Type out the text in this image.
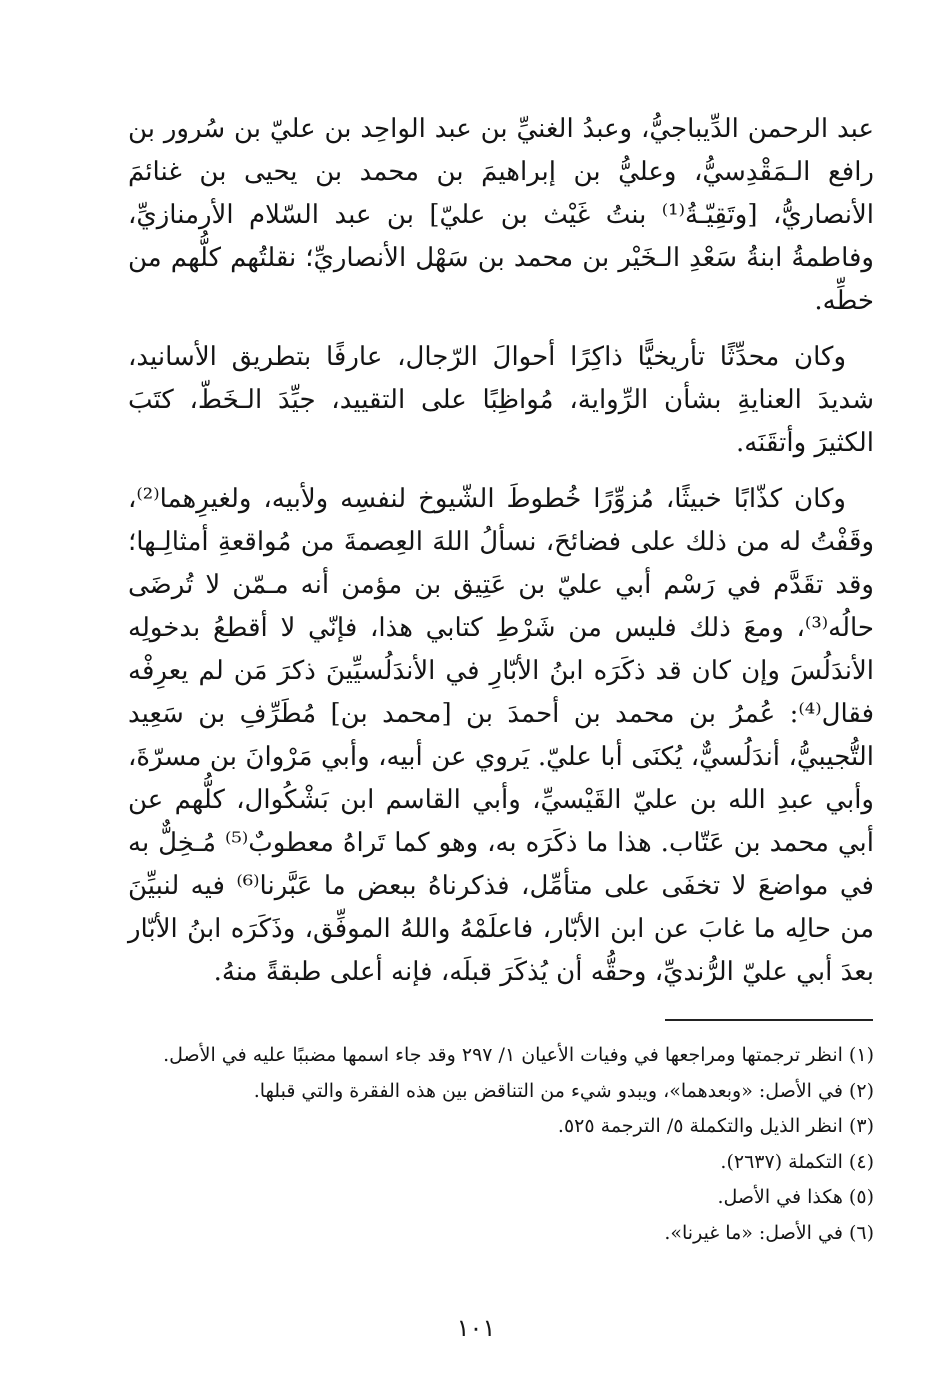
عبد الرحمن الدِّيباجيُّ، وعبدُ الغنيِّ بن عبد الواحِد بن عليّ بن سُرور بن رافع الـمَقْدِسيُّ، وعليُّ بن إبراهيمَ بن محمد بن يحيى بن غنائمَ الأنصاريُّ، [وتَقِيّـةُ⁽¹⁾ بنتُ غَيْث بن عليّ] بن عبد السّلام الأرمنازيِّ، وفاطمةُ ابنةُ سَعْدِ الـخَيْر بن محمد بن سَهْل الأنصاريِّ؛ نقلتُهم كلُّهم من خطِّه.

وكان محدِّثًا تأريخيًّا ذاكِرًا أحوالَ الرّجال، عارفًا بتطريق الأسانيد، شديدَ العنايةِ بشأن الرِّواية، مُواظِبًا على التقييد، جيِّدَ الـخَطّ، كتَبَ الكثيرَ وأتقَنَه.

وكان كذّابًا خبيثًا، مُزوِّرًا خُطوطَ الشّيوخ لنفسِه ولأبيه، ولغيرِهما⁽²⁾، وقَفْتُ له من ذلك على فضائحَ، نسألُ اللهَ العِصمةَ من مُواقعةِ أمثالِـها؛ وقد تقَدَّم في رَسْم أبي عليّ بن عَتِيق بن مؤمن أنه مـمّن لا تُرضَى حالُه⁽³⁾، ومعَ ذلك فليس من شَرْطِ كتابي هذا، فإنّي لا أقطعُ بدخولِه الأندَلُسَ وإن كان قد ذكَرَه ابنُ الأبّارِ في الأندَلُسيِّينَ ذكرَ مَن لم يعرِفْه فقال⁽⁴⁾: عُمرُ بن محمد بن أحمدَ بن [محمد بن] مُطَرِّفِ بن سَعِيد التُّجيبيُّ، أندَلُسيٌّ، يُكنَى أبا عليّ. يَروي عن أبيه، وأبي مَرْوانَ بن مسرّةَ، وأبي عبدِ الله بن عليّ القَيْسيِّ، وأبي القاسم ابن بَشْكُوال، كلُّهم عن أبي محمد بن عَتّاب. هذا ما ذكَرَه به، وهو كما تَراهُ معطوبٌ⁽⁵⁾ مُـخِلٌّ به في مواضعَ لا تخفَى على متأمِّل، فذكرناهُ ببعض ما عَبَّرنا⁽⁶⁾ فيه لنبيِّنَ من حالِه ما غابَ عن ابن الأبّار، فاعلَمْهُ واللهُ الموفِّق، وذَكَرَه ابنُ الأبّار بعدَ أبي عليّ الرُّنديِّ، وحقُّه أن يُذكَرَ قبلَه، فإنه أعلى طبقةً منهُ.

(١) انظر ترجمتها ومراجعها في وفيات الأعيان ١/ ٢٩٧ وقد جاء اسمها مضببًا عليه في الأصل.
(٢) في الأصل: «وبعدهما»، ويبدو شيء من التناقض بين هذه الفقرة والتي قبلها.
(٣) انظر الذيل والتكملة ٥/ الترجمة ٥٢٥.
(٤) التكملة (٢٦٣٧).
(٥) هكذا في الأصل.
(٦) في الأصل: «ما غيرنا».
١٠١
